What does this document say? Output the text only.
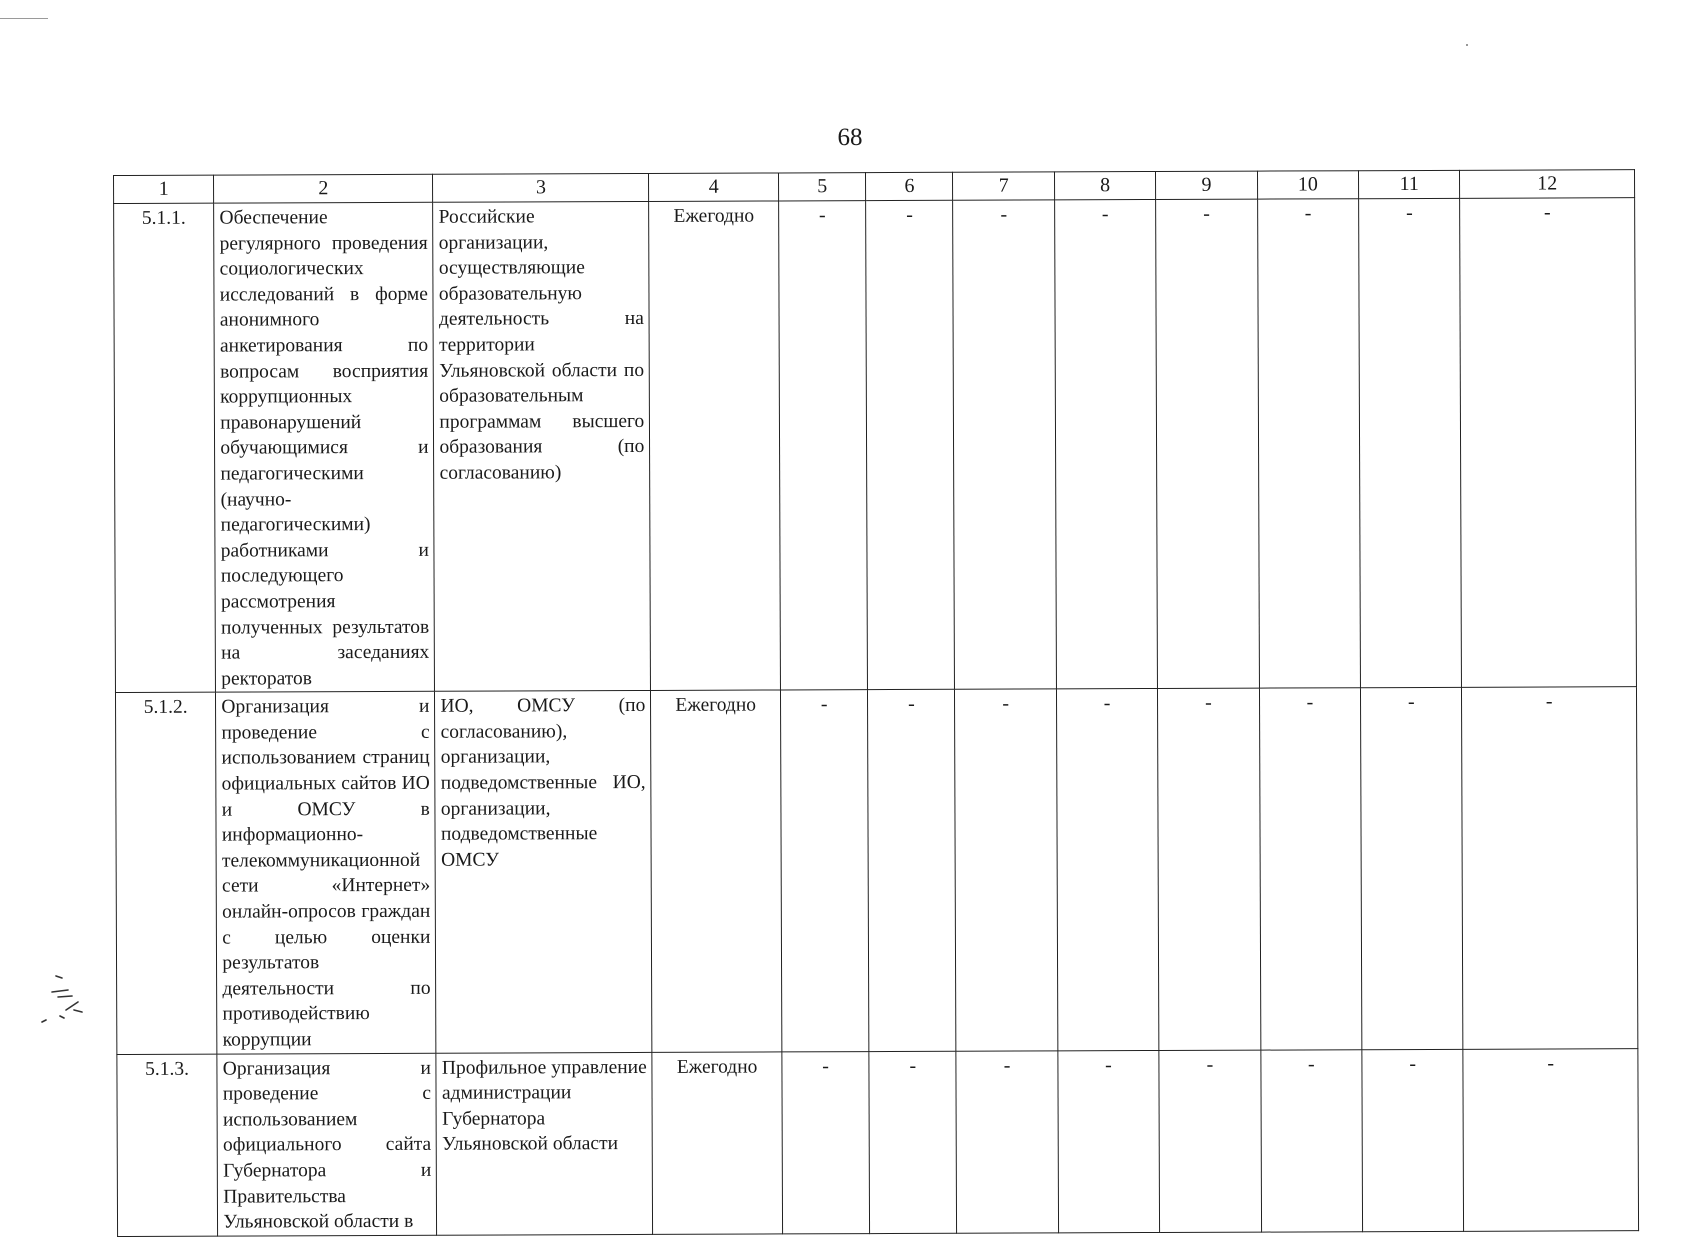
68
1	2	3	4	5	6	7	8	9	10	11	12
5.1.1.	Обеспечение регулярного проведения социологических исследований в форме анонимного анкетирования по вопросам восприятия коррупционных правонарушений обучающимися и педагогическими (научно-педагогическими) работниками и последующего рассмотрения полученных результатов на заседаниях ректоратов	Российские организации, осуществляющие образовательную деятельность на территории Ульяновской области по образовательным программам высшего образования (по согласованию)	Ежегодно	-	-	-	-	-	-	-	-
5.1.2.	Организация и проведение с использованием страниц официальных сайтов ИО и ОМСУ в информационно-телекоммуникационной сети «Интернет» онлайн-опросов граждан с целью оценки результатов деятельности по противодействию коррупции	ИО, ОМСУ (по согласованию), организации, подведомственные ИО, организации, подведомственные ОМСУ	Ежегодно	-	-	-	-	-	-	-	-
5.1.3.	Организация и проведение с использованием официального сайта Губернатора и Правительства Ульяновской области в	Профильное управление администрации Губернатора Ульяновской области	Ежегодно	-	-	-	-	-	-	-	-
